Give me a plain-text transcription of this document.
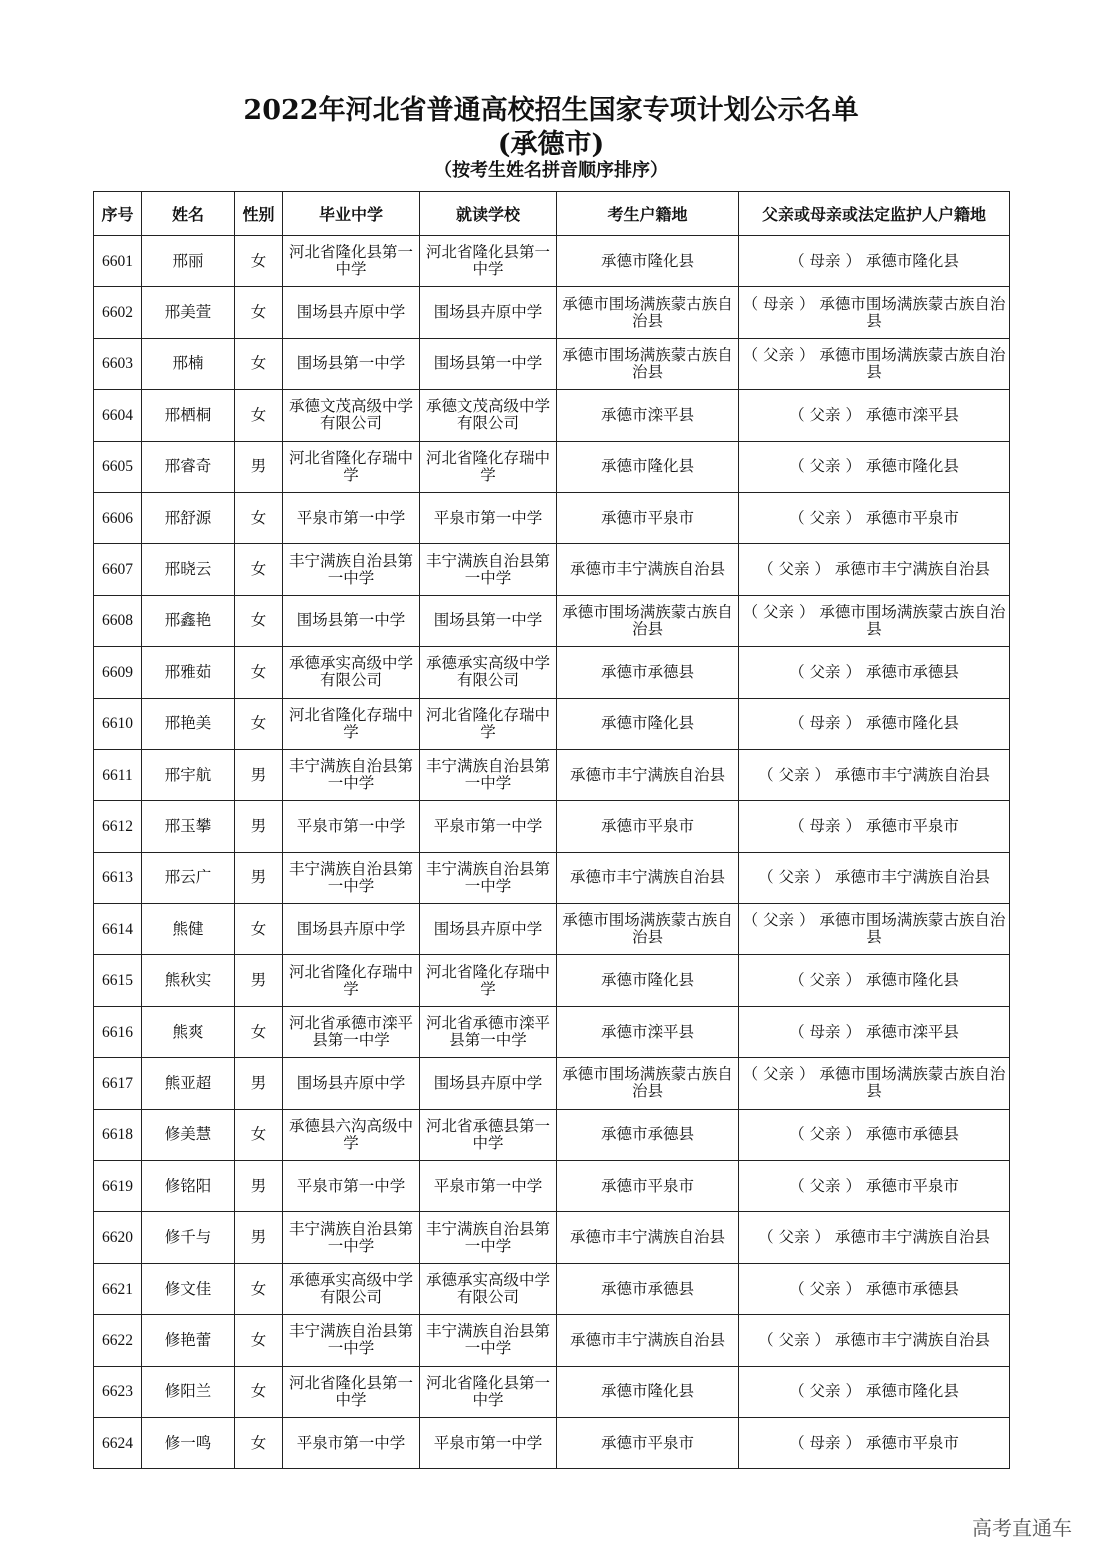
2022年河北省普通高校招生国家专项计划公示名单
(承德市)
（按考生姓名拼音顺序排序）
序号	姓名	性别	毕业中学	就读学校	考生户籍地	父亲或母亲或法定监护人户籍地
6601	邢丽	女	河北省隆化县第一中学	河北省隆化县第一中学	承德市隆化县	（ 母亲 ） 承德市隆化县
6602	邢美萱	女	围场县卉原中学	围场县卉原中学	承德市围场满族蒙古族自治县	（ 母亲 ） 承德市围场满族蒙古族自治县
6603	邢楠	女	围场县第一中学	围场县第一中学	承德市围场满族蒙古族自治县	（ 父亲 ） 承德市围场满族蒙古族自治县
6604	邢栖桐	女	承德文茂高级中学有限公司	承德文茂高级中学有限公司	承德市滦平县	（ 父亲 ） 承德市滦平县
6605	邢睿奇	男	河北省隆化存瑞中学	河北省隆化存瑞中学	承德市隆化县	（ 父亲 ） 承德市隆化县
6606	邢舒源	女	平泉市第一中学	平泉市第一中学	承德市平泉市	（ 父亲 ） 承德市平泉市
6607	邢晓云	女	丰宁满族自治县第一中学	丰宁满族自治县第一中学	承德市丰宁满族自治县	（ 父亲 ） 承德市丰宁满族自治县
6608	邢鑫艳	女	围场县第一中学	围场县第一中学	承德市围场满族蒙古族自治县	（ 父亲 ） 承德市围场满族蒙古族自治县
6609	邢雅茹	女	承德承实高级中学有限公司	承德承实高级中学有限公司	承德市承德县	（ 父亲 ） 承德市承德县
6610	邢艳美	女	河北省隆化存瑞中学	河北省隆化存瑞中学	承德市隆化县	（ 母亲 ） 承德市隆化县
6611	邢宇航	男	丰宁满族自治县第一中学	丰宁满族自治县第一中学	承德市丰宁满族自治县	（ 父亲 ） 承德市丰宁满族自治县
6612	邢玉攀	男	平泉市第一中学	平泉市第一中学	承德市平泉市	（ 母亲 ） 承德市平泉市
6613	邢云广	男	丰宁满族自治县第一中学	丰宁满族自治县第一中学	承德市丰宁满族自治县	（ 父亲 ） 承德市丰宁满族自治县
6614	熊健	女	围场县卉原中学	围场县卉原中学	承德市围场满族蒙古族自治县	（ 父亲 ） 承德市围场满族蒙古族自治县
6615	熊秋实	男	河北省隆化存瑞中学	河北省隆化存瑞中学	承德市隆化县	（ 父亲 ） 承德市隆化县
6616	熊爽	女	河北省承德市滦平县第一中学	河北省承德市滦平县第一中学	承德市滦平县	（ 母亲 ） 承德市滦平县
6617	熊亚超	男	围场县卉原中学	围场县卉原中学	承德市围场满族蒙古族自治县	（ 父亲 ） 承德市围场满族蒙古族自治县
6618	修美慧	女	承德县六沟高级中学	河北省承德县第一中学	承德市承德县	（ 父亲 ） 承德市承德县
6619	修铭阳	男	平泉市第一中学	平泉市第一中学	承德市平泉市	（ 父亲 ） 承德市平泉市
6620	修千与	男	丰宁满族自治县第一中学	丰宁满族自治县第一中学	承德市丰宁满族自治县	（ 父亲 ） 承德市丰宁满族自治县
6621	修文佳	女	承德承实高级中学有限公司	承德承实高级中学有限公司	承德市承德县	（ 父亲 ） 承德市承德县
6622	修艳蕾	女	丰宁满族自治县第一中学	丰宁满族自治县第一中学	承德市丰宁满族自治县	（ 父亲 ） 承德市丰宁满族自治县
6623	修阳兰	女	河北省隆化县第一中学	河北省隆化县第一中学	承德市隆化县	（ 父亲 ） 承德市隆化县
6624	修一鸣	女	平泉市第一中学	平泉市第一中学	承德市平泉市	（ 母亲 ） 承德市平泉市
高考直通车
